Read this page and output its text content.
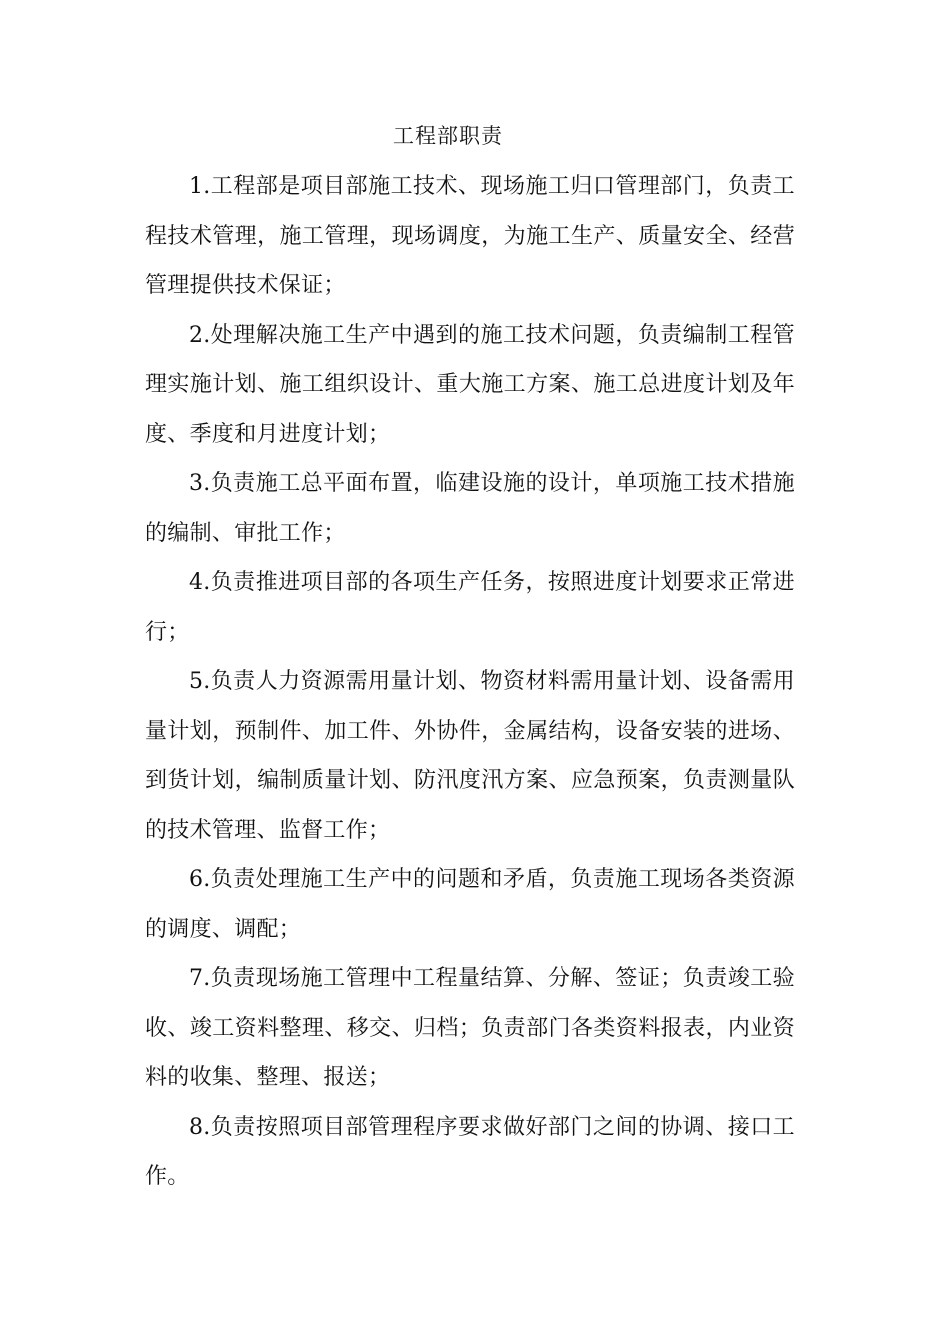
工程部职责

1.工程部是项目部施工技术、现场施工归口管理部门，负责工程技术管理，施工管理，现场调度，为施工生产、质量安全、经营管理提供技术保证；

2.处理解决施工生产中遇到的施工技术问题，负责编制工程管理实施计划、施工组织设计、重大施工方案、施工总进度计划及年度、季度和月进度计划；

3.负责施工总平面布置，临建设施的设计，单项施工技术措施的编制、审批工作；

4.负责推进项目部的各项生产任务，按照进度计划要求正常进行；

5.负责人力资源需用量计划、物资材料需用量计划、设备需用量计划，预制件、加工件、外协件，金属结构，设备安装的进场、到货计划，编制质量计划、防汛度汛方案、应急预案，负责测量队的技术管理、监督工作；

6.负责处理施工生产中的问题和矛盾，负责施工现场各类资源的调度、调配；

7.负责现场施工管理中工程量结算、分解、签证；负责竣工验收、竣工资料整理、移交、归档；负责部门各类资料报表，内业资料的收集、整理、报送；

8.负责按照项目部管理程序要求做好部门之间的协调、接口工作。
